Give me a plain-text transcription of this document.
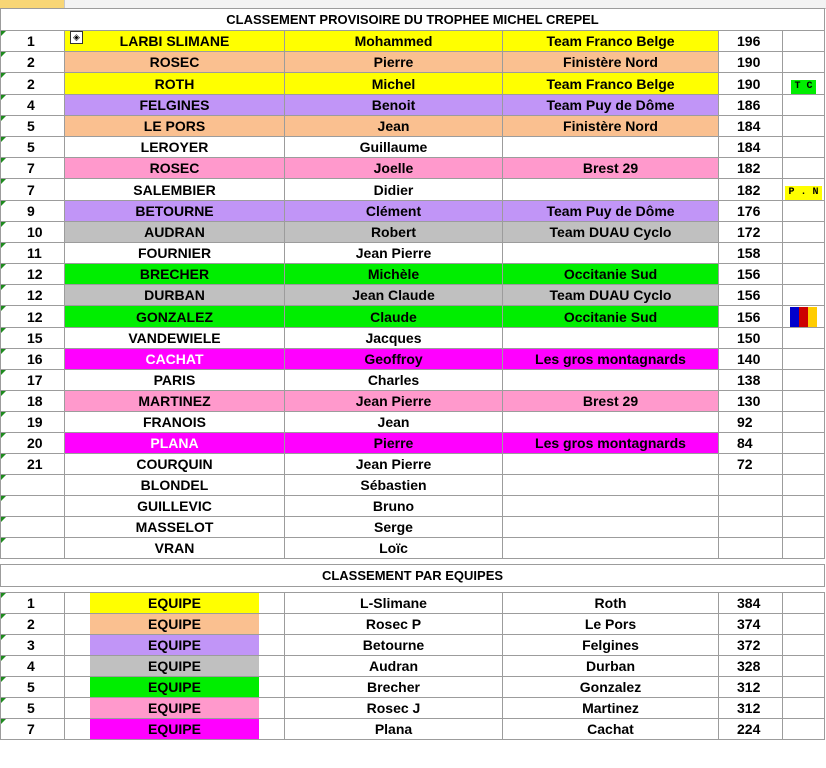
CLASSEMENT PROVISOIRE DU TROPHEE MICHEL CREPEL					
1	LARBI SLIMANE	Mohammed	Team Franco Belge	196	
2	ROSEC	Pierre	Finistère Nord	190	
2	ROTH	Michel	Team Franco Belge	190	T C
4	FELGINES	Benoit	Team Puy de Dôme	186	
5	LE PORS	Jean	Finistère Nord	184	
5	LEROYER	Guillaume		184	
7	ROSEC	Joelle	Brest 29	182	
7	SALEMBIER	Didier		182	P . N
9	BETOURNE	Clément	Team Puy de Dôme	176	
10	AUDRAN	Robert	Team DUAU Cyclo	172	
11	FOURNIER	Jean Pierre		158	
12	BRECHER	Michèle	Occitanie Sud	156	
12	DURBAN	Jean Claude	Team DUAU Cyclo	156	
12	GONZALEZ	Claude	Occitanie Sud	156	
15	VANDEWIELE	Jacques		150	
16	CACHAT	Geoffroy	Les gros montagnards	140	
17	PARIS	Charles		138	
18	MARTINEZ	Jean Pierre	Brest 29	130	
19	FRANOIS	Jean		92	
20	PLANA	Pierre	Les gros montagnards	84	
21	COURQUIN	Jean Pierre		72	
	BLONDEL	Sébastien			
	GUILLEVIC	Bruno			
	MASSELOT	Serge			
	VRAN	Loïc			

CLASSEMENT PAR EQUIPES					

1	EQUIPE	L-Slimane	Roth	384	
2	EQUIPE	Rosec P	Le Pors	374	
3	EQUIPE	Betourne	Felgines	372	
4	EQUIPE	Audran	Durban	328	
5	EQUIPE	Brecher	Gonzalez	312	
5	EQUIPE	Rosec J	Martinez	312	
7	EQUIPE	Plana	Cachat	224	
◈
